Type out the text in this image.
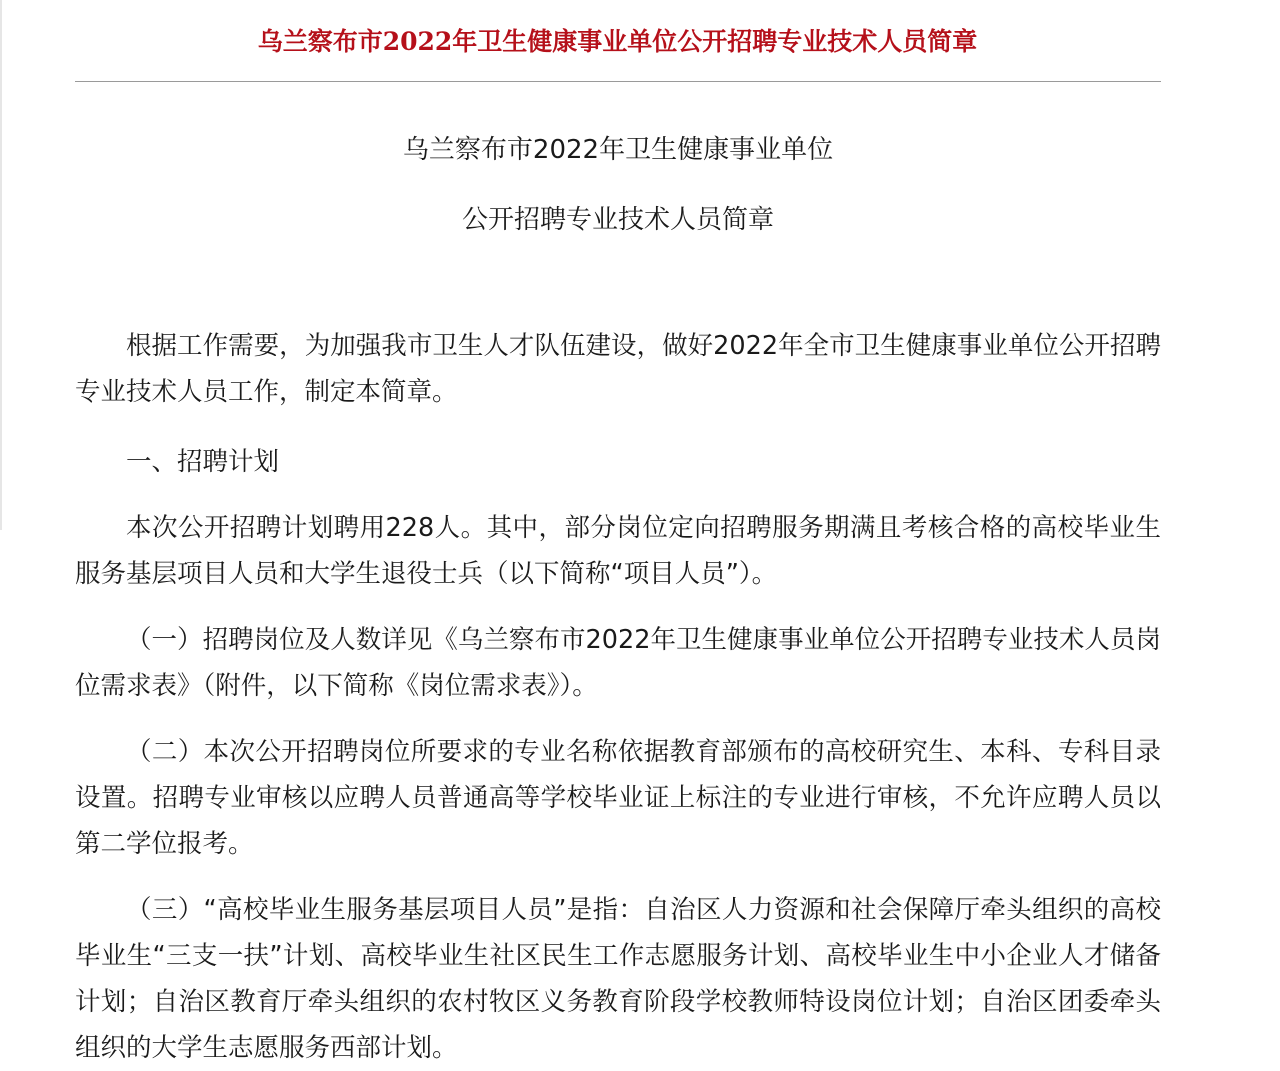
乌兰察布市2022年卫生健康事业单位公开招聘专业技术人员简章
乌兰察布市2022年卫生健康事业单位
公开招聘专业技术人员简章

根据工作需要，为加强我市卫生人才队伍建设，做好2022年全市卫生健康事业单位公开招聘专业技术人员工作，制定本简章。

一、招聘计划

本次公开招聘计划聘用228人。其中，部分岗位定向招聘服务期满且考核合格的高校毕业生服务基层项目人员和大学生退役士兵（以下简称“项目人员”）。

（一）招聘岗位及人数详见《乌兰察布市2022年卫生健康事业单位公开招聘专业技术人员岗位需求表》（附件，以下简称《岗位需求表》）。

（二）本次公开招聘岗位所要求的专业名称依据教育部颁布的高校研究生、本科、专科目录设置。招聘专业审核以应聘人员普通高等学校毕业证上标注的专业进行审核，不允许应聘人员以第二学位报考。

（三）“高校毕业生服务基层项目人员”是指：自治区人力资源和社会保障厅牵头组织的高校毕业生“三支一扶”计划、高校毕业生社区民生工作志愿服务计划、高校毕业生中小企业人才储备计划；自治区教育厅牵头组织的农村牧区义务教育阶段学校教师特设岗位计划；自治区团委牵头组织的大学生志愿服务西部计划。
